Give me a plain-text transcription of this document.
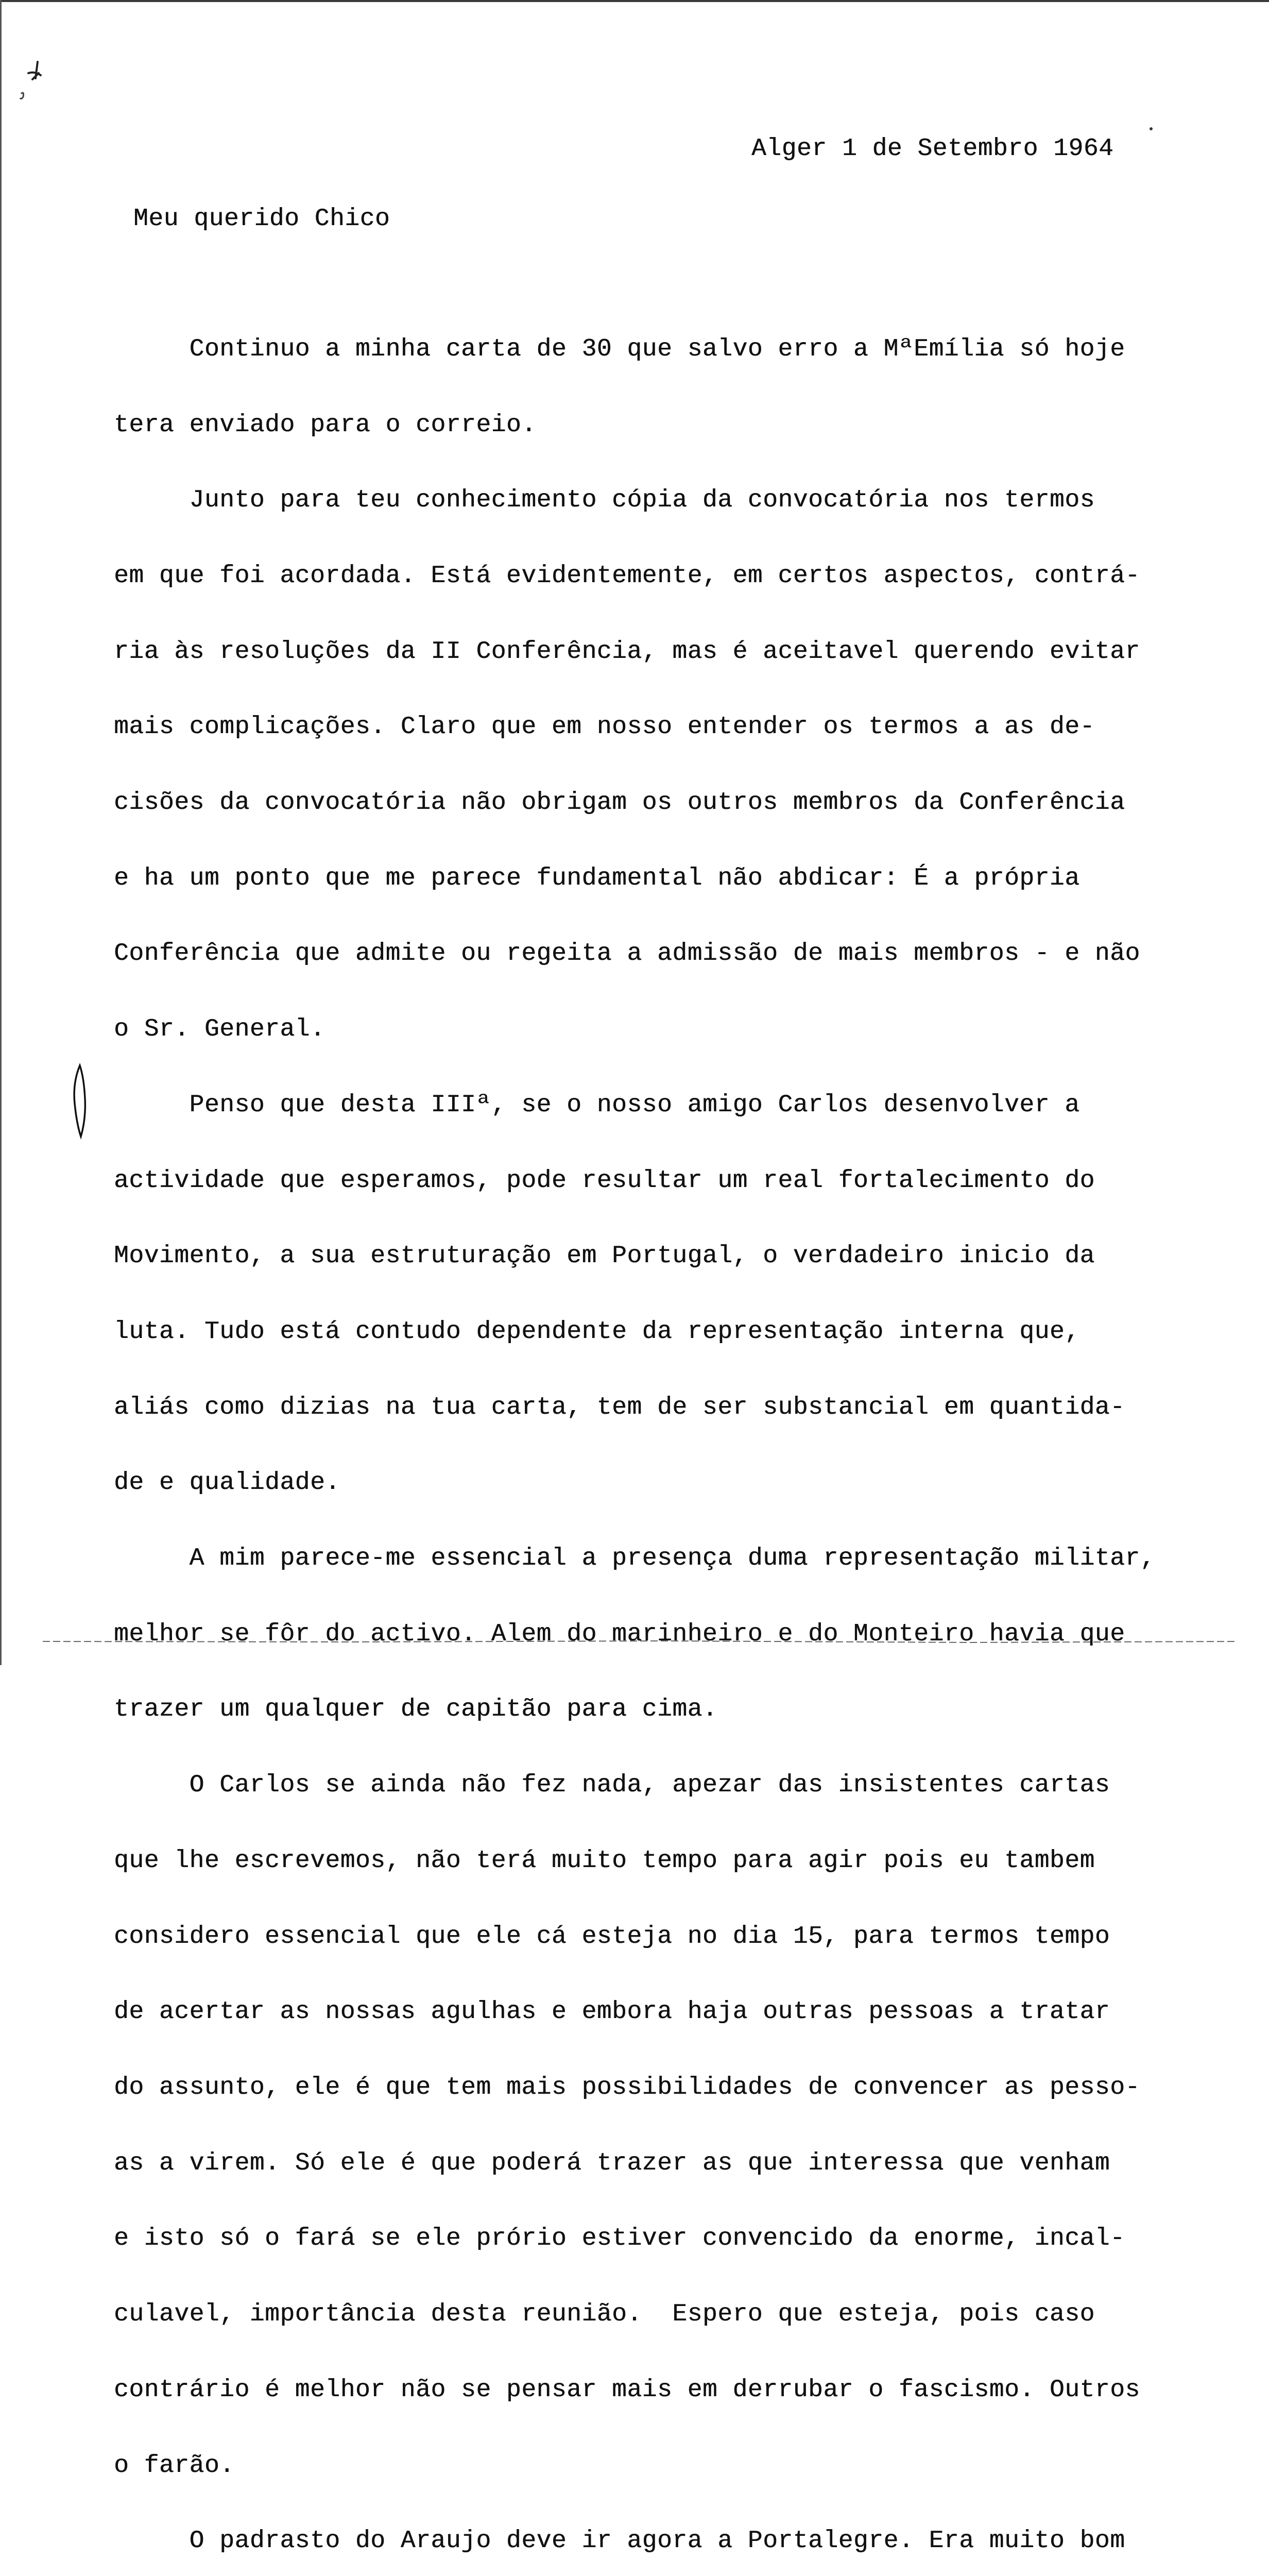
Alger 1 de Setembro 1964
Meu querido Chico

Continuo a minha carta de 30 que salvo erro a MªEmília só hoje

tera enviado para o correio.

Junto para teu conhecimento cópia da convocatória nos termos

em que foi acordada. Está evidentemente, em certos aspectos, contrá-

ria às resoluções da II Conferência, mas é aceitavel querendo evitar

mais complicações. Claro que em nosso entender os termos a as de-

cisões da convocatória não obrigam os outros membros da Conferência

e ha um ponto que me parece fundamental não abdicar: É a própria

Conferência que admite ou regeita a admissão de mais membros - e não

o Sr. General.

Penso que desta IIIª, se o nosso amigo Carlos desenvolver a

actividade que esperamos, pode resultar um real fortalecimento do

Movimento, a sua estruturação em Portugal, o verdadeiro inicio da

luta. Tudo está contudo dependente da representação interna que,

aliás como dizias na tua carta, tem de ser substancial em quantida-

de e qualidade.

A mim parece-me essencial a presença duma representação militar,

melhor se fôr do activo. Alem do marinheiro e do Monteiro havia que

trazer um qualquer de capitão para cima.

O Carlos se ainda não fez nada, apezar das insistentes cartas

que lhe escrevemos, não terá muito tempo para agir pois eu tambem

considero essencial que ele cá esteja no dia 15, para termos tempo

de acertar as nossas agulhas e embora haja outras pessoas a tratar

do assunto, ele é que tem mais possibilidades de convencer as pesso-

as a virem. Só ele é que poderá trazer as que interessa que venham

e isto só o fará se ele prório estiver convencido da enorme, incal-

culavel, importância desta reunião.  Espero que esteja, pois caso

contrário é melhor não se pensar mais em derrubar o fascismo. Outros

o farão.

O padrasto do Araujo deve ir agora a Portalegre. Era muito bom
